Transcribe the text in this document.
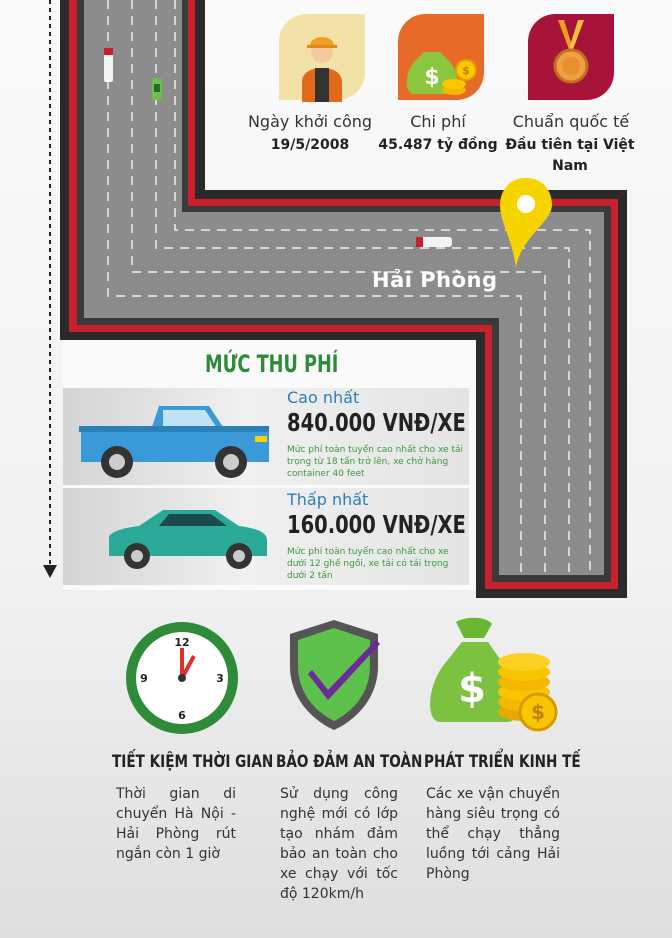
$ $
Ngày khởi công
19/5/2008
Chi phí
45.487 tỷ đồng
Chuẩn quốc tế
Đầu tiên tại Việt Nam
Hải Phòng
MỨC THU PHÍ
Cao nhất
840.000 VNĐ/XE
Mức phí toàn tuyến cao nhất cho xe tải trọng từ 18 tấn trở lên, xe chở hàng container 40 feet
Thấp nhất
160.000 VNĐ/XE
Mức phí toàn tuyến cao nhất cho xe dưới 12 ghế ngồi, xe tải có tải trọng dưới 2 tấn
12
3
6
9	$ $
TIẾT KIỆM THỜI GIAN
Thời gian di chuyển Hà Nội - Hải Phòng rút ngắn còn 1 giờ
BẢO ĐẢM AN TOÀN
Sử dụng công nghệ mới có lớp tạo nhám đảm bảo an toàn cho xe chạy với tốc độ 120km/h
PHÁT TRIỂN KINH TẾ
Các xe vận chuyển hàng siêu trọng có thể chạy thẳng luồng tới cảng Hải Phòng
